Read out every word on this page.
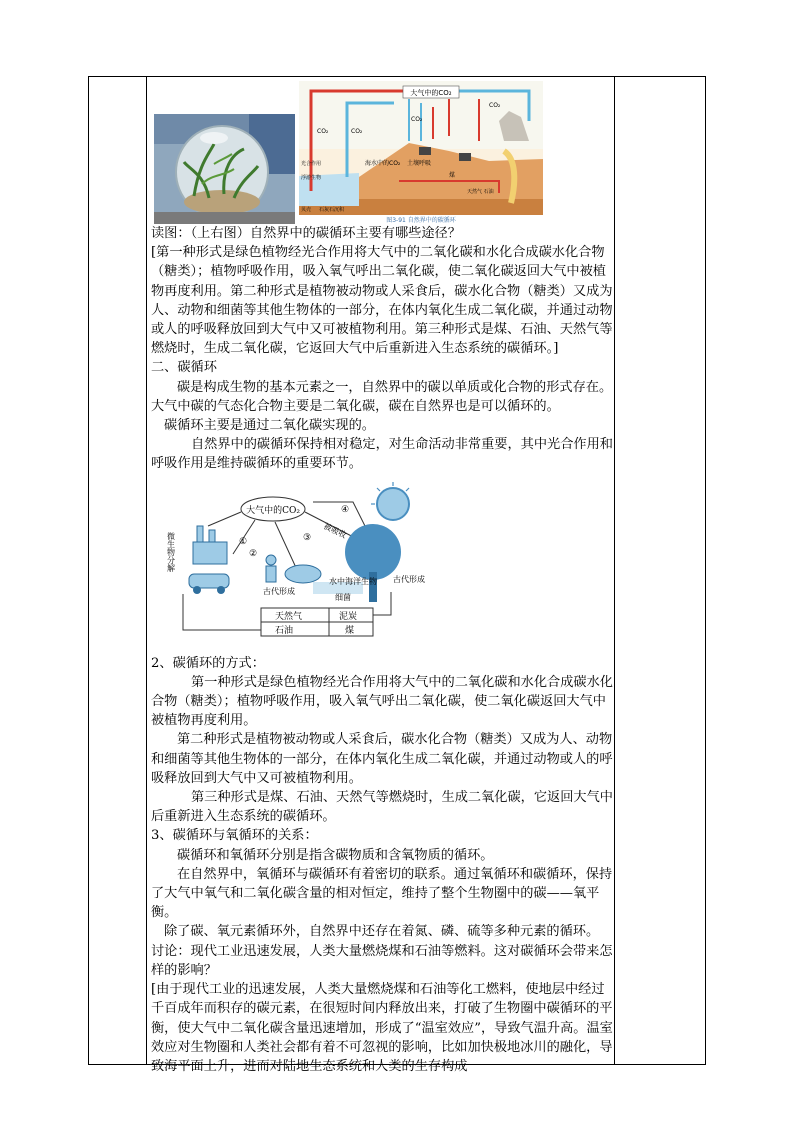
大气中的CO₂
CO₂	CO₂
CO₂
CO₂
海水中的CO₂
光合作用
浮游生物
贝壳 石灰石沉积
土壤呼吸
煤
天然气 石油
图3-91 自然界中的碳循环

读图：（上右图）自然界中的碳循环主要有哪些途径？

[第一种形式是绿色植物经光合作用将大气中的二氧化碳和水化合成碳水化合物（糖类）；植物呼吸作用，吸入氧气呼出二氧化碳，使二氧化碳返回大气中被植物再度利用。第二种形式是植物被动物或人采食后，碳水化合物（糖类）又成为人、动物和细菌等其他生物体的一部分，在体内氧化生成二氧化碳，并通过动物或人的呼吸释放回到大气中又可被植物利用。第三种形式是煤、石油、天然气等燃烧时，生成二氧化碳，它返回大气中后重新进入生态系统的碳循环。]

二、碳循环

碳是构成生物的基本元素之一，自然界中的碳以单质或化合物的形式存在。大气中碳的气态化合物主要是二氧化碳，碳在自然界也是可以循环的。

碳循环主要是通过二氧化碳实现的。

自然界中的碳循环保持相对稳定，对生命活动非常重要，其中光合作用和呼吸作用是维持碳循环的重要环节。

大气中的CO₂
①
②
③
④
被吸收
微生物分解
水中海洋生物
细菌
古代形成
古代形成
天然气	泥炭
石油	煤

2、碳循环的方式：

第一种形式是绿色植物经光合作用将大气中的二氧化碳和水化合成碳水化合物（糖类）；植物呼吸作用，吸入氧气呼出二氧化碳，使二氧化碳返回大气中被植物再度利用。

第二种形式是植物被动物或人采食后，碳水化合物（糖类）又成为人、动物和细菌等其他生物体的一部分，在体内氧化生成二氧化碳，并通过动物或人的呼吸释放回到大气中又可被植物利用。

第三种形式是煤、石油、天然气等燃烧时，生成二氧化碳，它返回大气中后重新进入生态系统的碳循环。

3、碳循环与氧循环的关系：

碳循环和氧循环分别是指含碳物质和含氧物质的循环。

在自然界中，氧循环与碳循环有着密切的联系。通过氧循环和碳循环，保持了大气中氧气和二氧化碳含量的相对恒定，维持了整个生物圈中的碳——氧平衡。

除了碳、氧元素循环外，自然界中还存在着氮、磷、硫等多种元素的循环。

讨论：现代工业迅速发展，人类大量燃烧煤和石油等燃料。这对碳循环会带来怎样的影响？

[由于现代工业的迅速发展，人类大量燃烧煤和石油等化工燃料，使地层中经过千百成年而积存的碳元素，在很短时间内释放出来，打破了生物圈中碳循环的平衡，使大气中二氧化碳含量迅速增加，形成了“温室效应”，导致气温升高。温室效应对生物圈和人类社会都有着不可忽视的影响，比如加快极地冰川的融化，导致海平面上升，进而对陆地生态系统和人类的生存构成
